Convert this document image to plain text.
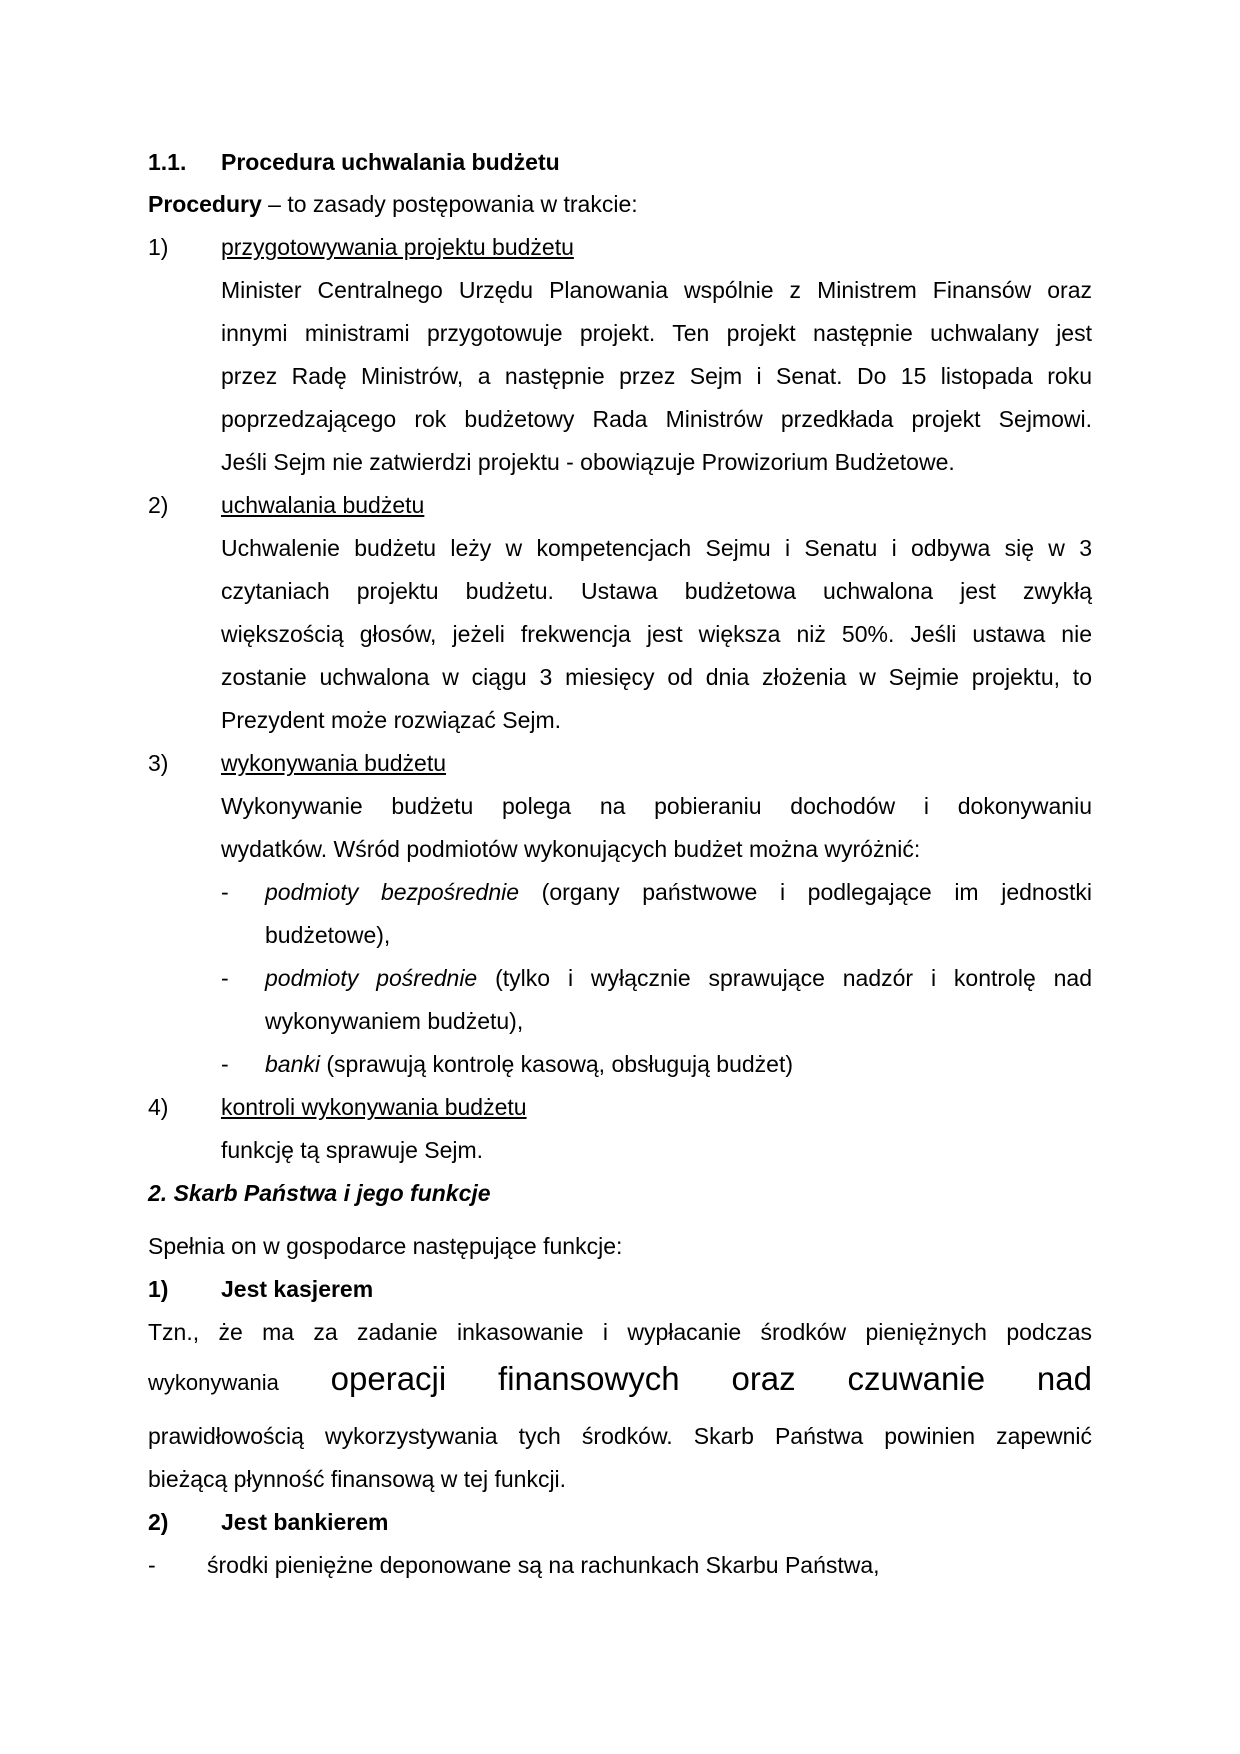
1.1. Procedura uchwalania budżetu
Procedury – to zasady postępowania w trakcie:
1) przygotowywania projektu budżetu
Minister Centralnego Urzędu Planowania wspólnie z Ministrem Finansów oraz
innymi ministrami przygotowuje projekt. Ten projekt następnie uchwalany jest
przez Radę Ministrów, a następnie przez Sejm i Senat. Do 15 listopada roku
poprzedzającego rok budżetowy Rada Ministrów przedkłada projekt Sejmowi.
Jeśli Sejm nie zatwierdzi projektu - obowiązuje Prowizorium Budżetowe.
2) uchwalania budżetu
Uchwalenie budżetu leży w kompetencjach Sejmu i Senatu i odbywa się w 3
czytaniach projektu budżetu. Ustawa budżetowa uchwalona jest zwykłą
większością głosów, jeżeli frekwencja jest większa niż 50%. Jeśli ustawa nie
zostanie uchwalona w ciągu 3 miesięcy od dnia złożenia w Sejmie projektu, to
Prezydent może rozwiązać Sejm.
3) wykonywania budżetu
Wykonywanie budżetu polega na pobieraniu dochodów i dokonywaniu
wydatków. Wśród podmiotów wykonujących budżet można wyróżnić:
- podmioty bezpośrednie (organy państwowe i podlegające im jednostki
budżetowe),
- podmioty pośrednie (tylko i wyłącznie sprawujące nadzór i kontrolę nad
wykonywaniem budżetu),
- banki (sprawują kontrolę kasową, obsługują budżet)
4) kontroli wykonywania budżetu
funkcję tą sprawuje Sejm.
2. Skarb Państwa i jego funkcje
Spełnia on w gospodarce następujące funkcje:
1) Jest kasjerem
Tzn., że ma za zadanie inkasowanie i wypłacanie środków pieniężnych podczas
wykonywania operacji finansowych oraz czuwanie nad
prawidłowością wykorzystywania tych środków. Skarb Państwa powinien zapewnić
bieżącą płynność finansową w tej funkcji.
2) Jest bankierem
- środki pieniężne deponowane są na rachunkach Skarbu Państwa,
